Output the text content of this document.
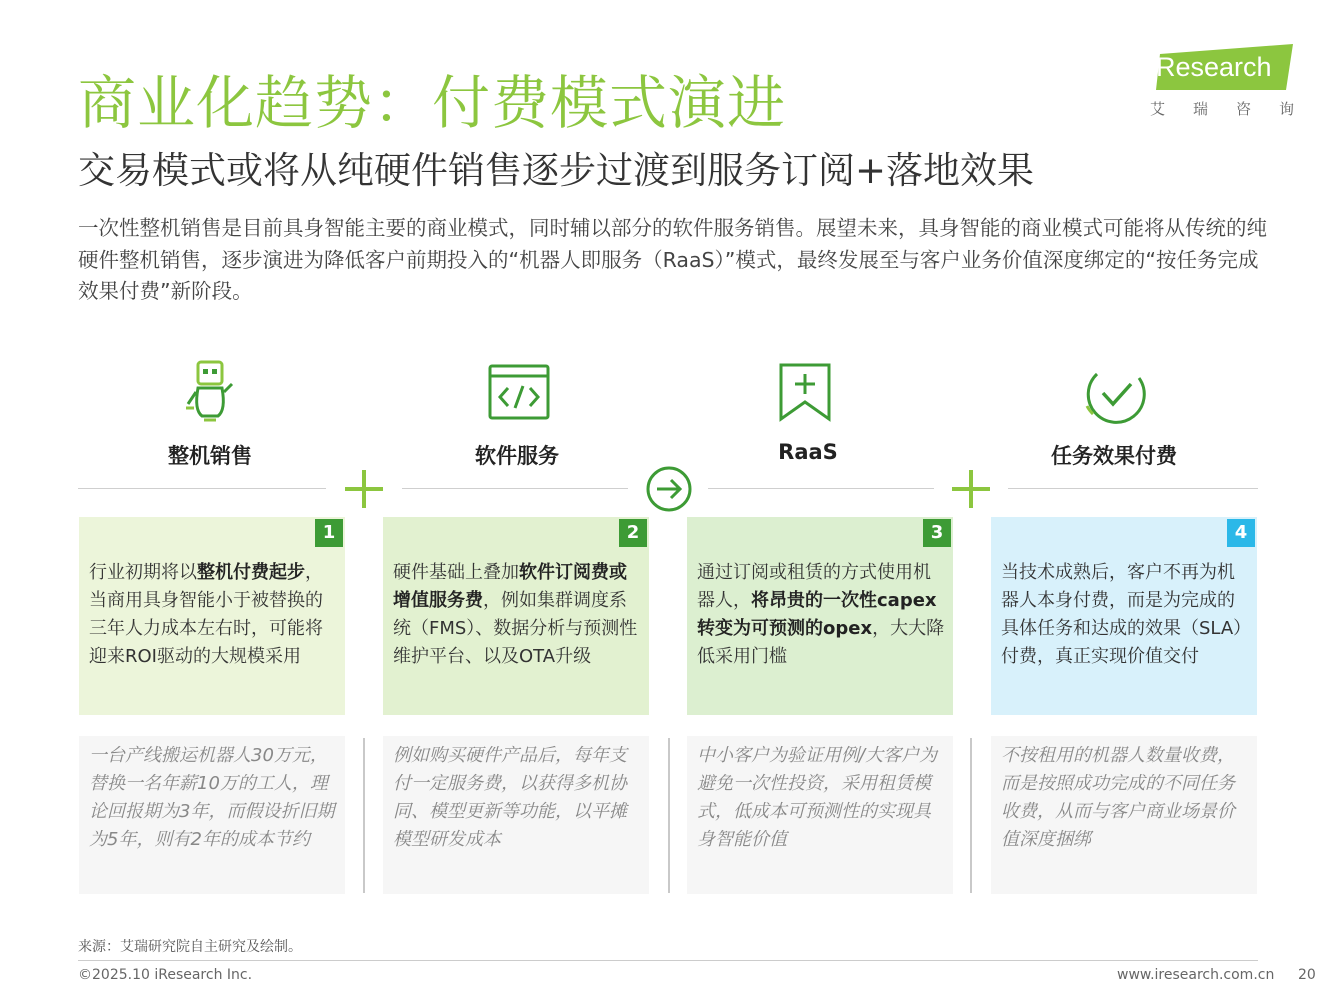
商业化趋势：付费模式演进
交易模式或将从纯硬件销售逐步过渡到服务订阅+落地效果
iResearch
艾瑞咨询

一次性整机销售是目前具身智能主要的商业模式，同时辅以部分的软件服务销售。展望未来，具身智能的商业模式可能将从传统的纯硬件整机销售，逐步演进为降低客户前期投入的“机器人即服务（RaaS）”模式，最终发展至与客户业务价值深度绑定的“按任务完成效果付费”新阶段。

整机销售	软件服务	RaaS	任务效果付费
1
行业初期将以整机付费起步，当商用具身智能小于被替换的三年人力成本左右时，可能将迎来ROI驱动的大规模采用
2
硬件基础上叠加软件订阅费或增值服务费，例如集群调度系统（FMS）、数据分析与预测性维护平台、以及OTA升级
3
通过订阅或租赁的方式使用机器人，将昂贵的一次性capex转变为可预测的opex，大大降低采用门槛
4
当技术成熟后，客户不再为机器人本身付费，而是为完成的具体任务和达成的效果（SLA）付费，真正实现价值交付
一台产线搬运机器人30万元，替换一名年薪10万的工人，理论回报期为3年，而假设折旧期为5年，则有2年的成本节约
例如购买硬件产品后，每年支付一定服务费，以获得多机协同、模型更新等功能，以平摊模型研发成本
中小客户为验证用例/大客户为避免一次性投资，采用租赁模式，低成本可预测性的实现具身智能价值
不按租用的机器人数量收费，而是按照成功完成的不同任务收费，从而与客户商业场景价值深度捆绑
来源：艾瑞研究院自主研究及绘制。
©2025.10 iResearch Inc.	www.iresearch.com.cn 20
